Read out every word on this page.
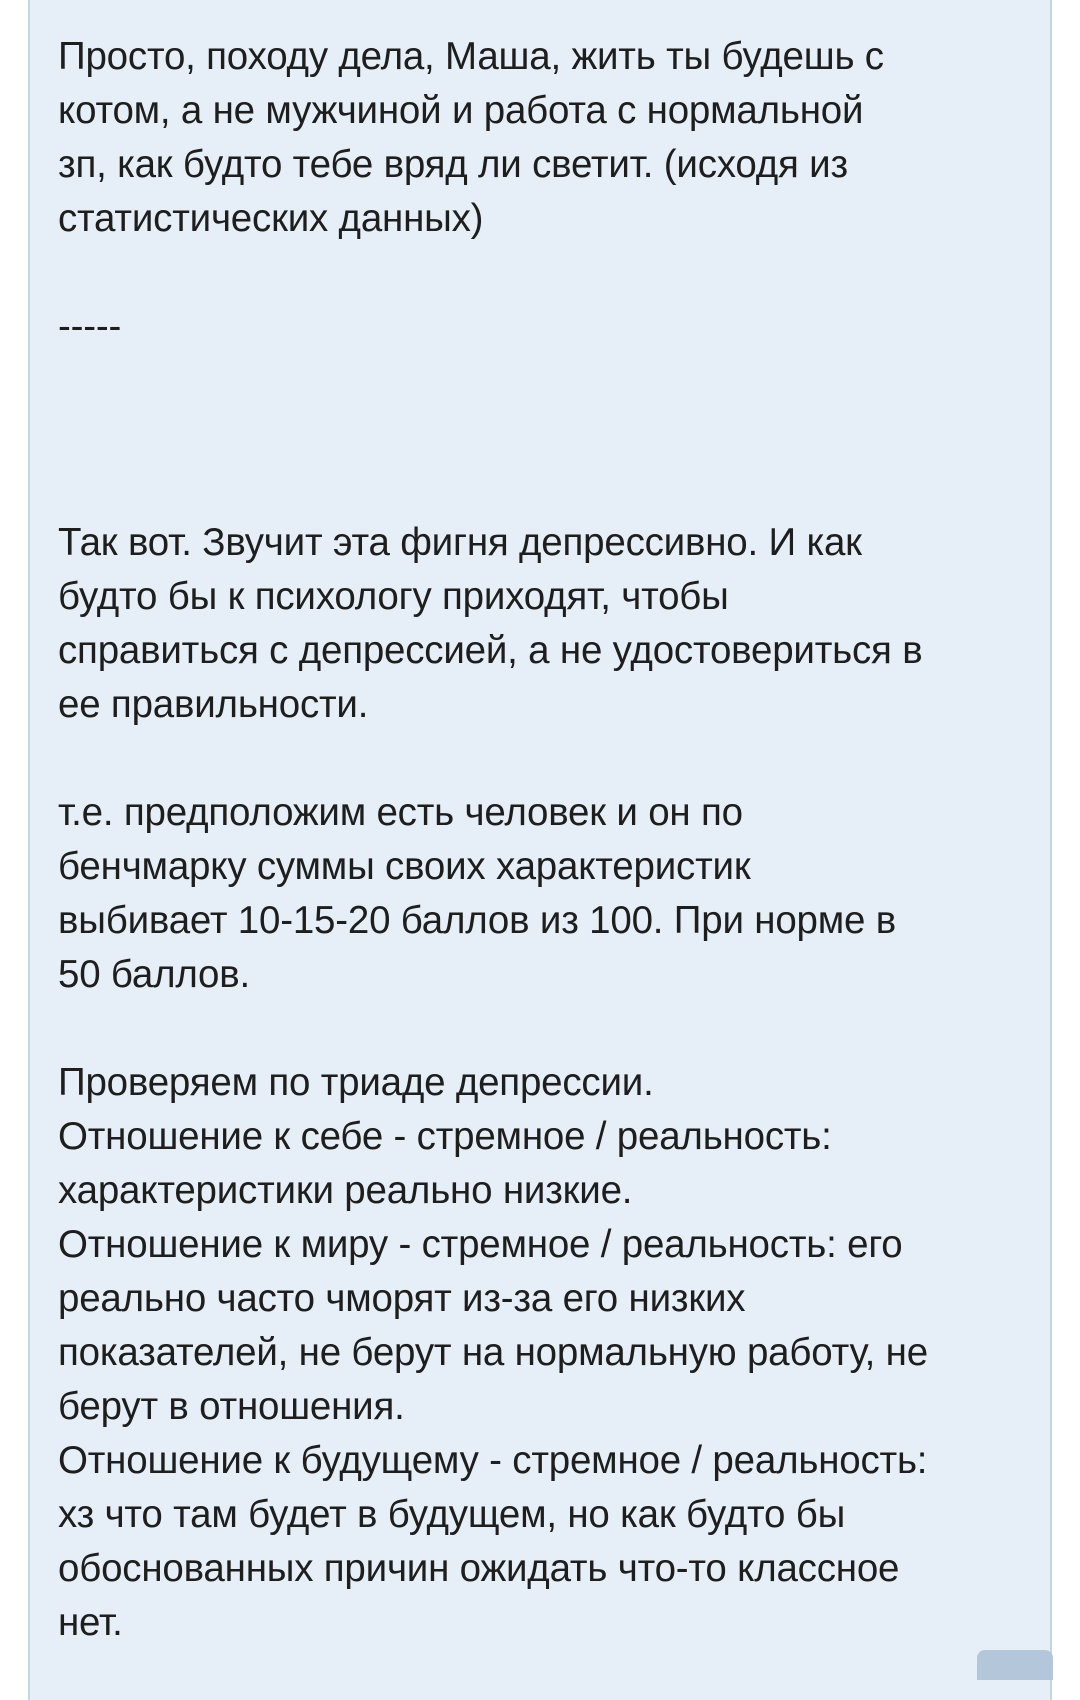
Просто, походу дела, Маша, жить ты будешь с
котом, а не мужчиной и работа с нормальной
зп, как будто тебе вряд ли светит. (исходя из
статистических данных)
-----
Так вот. Звучит эта фигня депрессивно. И как
будто бы к психологу приходят, чтобы
справиться с депрессией, а не удостовериться в
ее правильности.
т.е. предположим есть человек и он по
бенчмарку суммы своих характеристик
выбивает 10-15-20 баллов из 100. При норме в
50 баллов.
Проверяем по триаде депрессии.
Отношение к себе - стремное / реальность:
характеристики реально низкие.
Отношение к миру - стремное / реальность: его
реально часто чморят из-за его низких
показателей, не берут на нормальную работу, не
берут в отношения.
Отношение к будущему - стремное / реальность:
хз что там будет в будущем, но как будто бы
обоснованных причин ожидать что-то классное
нет.
